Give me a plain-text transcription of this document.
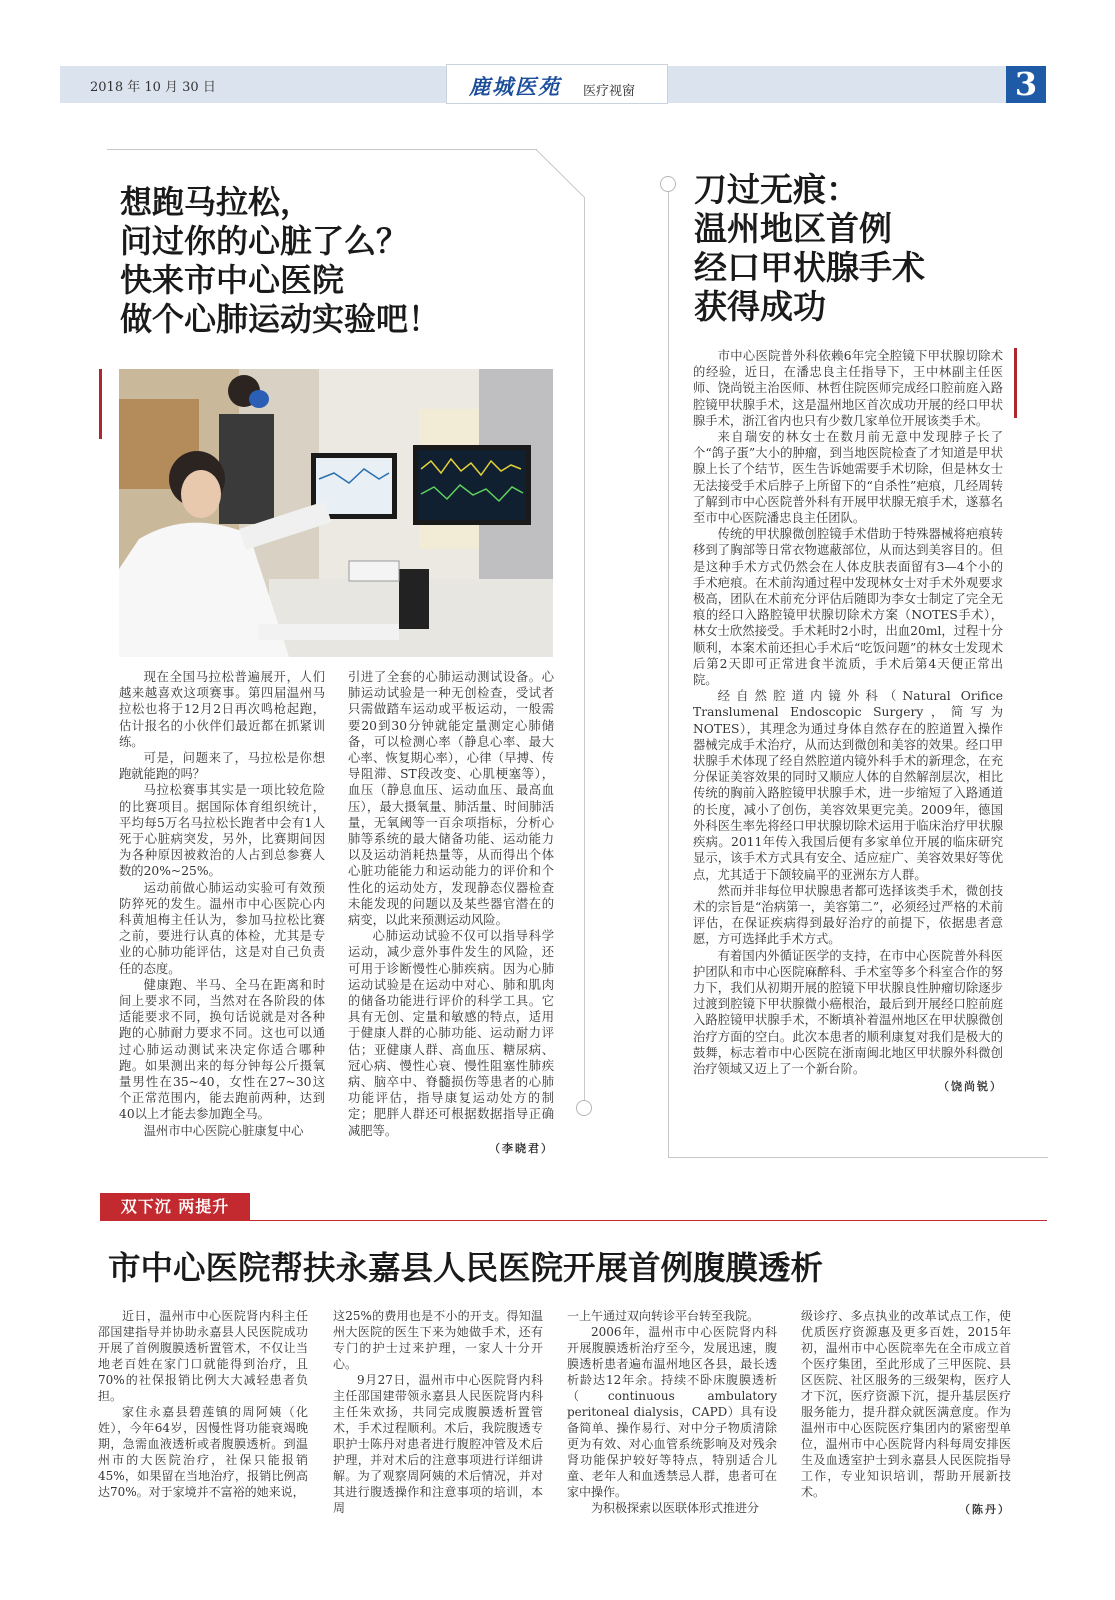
2018 年 10 月 30 日	鹿城医苑 医疗视窗	3
想跑马拉松，
问过你的心脏了么？
快来市中心医院
做个心肺运动实验吧！

现在全国马拉松普遍展开，人们越来越喜欢这项赛事。第四届温州马拉松也将于12月2日再次鸣枪起跑，估计报名的小伙伴们最近都在抓紧训练。

可是，问题来了，马拉松是你想跑就能跑的吗？

马拉松赛事其实是一项比较危险的比赛项目。据国际体育组织统计，平均每5万名马拉松长跑者中会有1人死于心脏病突发，另外，比赛期间因为各种原因被救治的人占到总参赛人数的20%~25%。

运动前做心肺运动实验可有效预防猝死的发生。温州市中心医院心内科黄旭梅主任认为，参加马拉松比赛之前，要进行认真的体检，尤其是专业的心肺功能评估，这是对自己负责任的态度。

健康跑、半马、全马在距离和时间上要求不同，当然对在各阶段的体适能要求不同，换句话说就是对各种跑的心肺耐力要求不同。这也可以通过心肺运动测试来决定你适合哪种跑。如果测出来的每分钟每公斤摄氧量男性在35~40，女性在27~30这个正常范围内，能去跑前两种，达到40以上才能去参加跑全马。

温州市中心医院心脏康复中心

引进了全套的心肺运动测试设备。心肺运动试验是一种无创检查，受试者只需做踏车运动或平板运动，一般需要20到30分钟就能定量测定心肺储备，可以检测心率（静息心率、最大心率、恢复期心率），心律（早搏、传导阻滞、ST段改变、心肌梗塞等），血压（静息血压、运动血压、最高血压），最大摄氧量、肺活量、时间肺活量，无氧阈等一百余项指标，分析心肺等系统的最大储备功能、运动能力以及运动消耗热量等，从而得出个体心脏功能能力和运动能力的评价和个性化的运动处方，发现静态仪器检查未能发现的问题以及某些器官潜在的病变，以此来预测运动风险。

心肺运动试验不仅可以指导科学运动，减少意外事件发生的风险，还可用于诊断慢性心肺疾病。因为心肺运动试验是在运动中对心、肺和肌肉的储备功能进行评价的科学工具。它具有无创、定量和敏感的特点，适用于健康人群的心肺功能、运动耐力评估；亚健康人群、高血压、糖尿病、冠心病、慢性心衰、慢性阻塞性肺疾病、脑卒中、脊髓损伤等患者的心肺功能评估，指导康复运动处方的制定；肥胖人群还可根据数据指导正确减肥等。

（李晓君）
刀过无痕：
温州地区首例
经口甲状腺手术
获得成功

市中心医院普外科依赖6年完全腔镜下甲状腺切除术的经验，近日，在潘忠良主任指导下，王中林副主任医师、饶尚锐主治医师、林哲住院医师完成经口腔前庭入路腔镜甲状腺手术，这是温州地区首次成功开展的经口甲状腺手术，浙江省内也只有少数几家单位开展该类手术。

来自瑞安的林女士在数月前无意中发现脖子长了个“鸽子蛋”大小的肿瘤，到当地医院检查了才知道是甲状腺上长了个结节，医生告诉她需要手术切除，但是林女士无法接受手术后脖子上所留下的“自杀性”疤痕，几经周转了解到市中心医院普外科有开展甲状腺无痕手术，遂慕名至市中心医院潘忠良主任团队。

传统的甲状腺微创腔镜手术借助于特殊器械将疤痕转移到了胸部等日常衣物遮蔽部位，从而达到美容目的。但是这种手术方式仍然会在人体皮肤表面留有3—4个小的手术疤痕。在术前沟通过程中发现林女士对手术外观要求极高，团队在术前充分评估后随即为李女士制定了完全无痕的经口入路腔镜甲状腺切除术方案（NOTES手术），林女士欣然接受。手术耗时2小时，出血20ml，过程十分顺利，本案术前还担心手术后“吃饭问题”的林女士发现术后第2天即可正常进食半流质，手术后第4天便正常出院。

经自然腔道内镜外科（Natural Orifice Translumenal Endoscopic Surgery，简写为NOTES），其理念为通过身体自然存在的腔道置入操作器械完成手术治疗，从而达到微创和美容的效果。经口甲状腺手术体现了经自然腔道内镜外科手术的新理念，在充分保证美容效果的同时又顺应人体的自然解剖层次，相比传统的胸前入路腔镜甲状腺手术，进一步缩短了入路通道的长度，减小了创伤，美容效果更完美。2009年，德国外科医生率先将经口甲状腺切除术运用于临床治疗甲状腺疾病。2011年传入我国后便有多家单位开展的临床研究显示，该手术方式具有安全、适应症广、美容效果好等优点，尤其适于下颌较扁平的亚洲东方人群。

然而并非每位甲状腺患者都可选择该类手术，微创技术的宗旨是“治病第一，美容第二”，必须经过严格的术前评估，在保证疾病得到最好治疗的前提下，依据患者意愿，方可选择此手术方式。

有着国内外循证医学的支持，在市中心医院普外科医护团队和市中心医院麻醉科、手术室等多个科室合作的努力下，我们从初期开展的腔镜下甲状腺良性肿瘤切除逐步过渡到腔镜下甲状腺微小癌根治，最后到开展经口腔前庭入路腔镜甲状腺手术，不断填补着温州地区在甲状腺微创治疗方面的空白。此次本患者的顺利康复对我们是极大的鼓舞，标志着市中心医院在浙南闽北地区甲状腺外科微创治疗领域又迈上了一个新台阶。

（饶尚锐）
双下沉 两提升
市中心医院帮扶永嘉县人民医院开展首例腹膜透析

近日，温州市中心医院肾内科主任邵国建指导并协助永嘉县人民医院成功开展了首例腹膜透析置管术，不仅让当地老百姓在家门口就能得到治疗，且70%的社保报销比例大大减轻患者负担。

家住永嘉县碧莲镇的周阿姨（化姓），今年64岁，因慢性肾功能衰竭晚期，急需血液透析或者腹膜透析。到温州市的大医院治疗，社保只能报销45%，如果留在当地治疗，报销比例高达70%。对于家境并不富裕的她来说，

这25%的费用也是不小的开支。得知温州大医院的医生下来为她做手术，还有专门的护士过来护理，一家人十分开心。

9月27日，温州市中心医院肾内科主任邵国建带领永嘉县人民医院肾内科主任朱欢扬，共同完成腹膜透析置管术，手术过程顺利。术后，我院腹透专职护士陈丹对患者进行腹腔冲管及术后护理，并对术后的注意事项进行详细讲解。为了观察周阿姨的术后情况，并对其进行腹透操作和注意事项的培训，本周

一上午通过双向转诊平台转至我院。

2006年，温州市中心医院肾内科开展腹膜透析治疗至今，发展迅速，腹膜透析患者遍布温州地区各县，最长透析龄达12年余。持续不卧床腹膜透析（continuous ambulatory peritoneal dialysis，CAPD）具有设备简单、操作易行、对中分子物质清除更为有效、对心血管系统影响及对残余肾功能保护较好等特点，特别适合儿童、老年人和血透禁忌人群，患者可在家中操作。

为积极探索以医联体形式推进分

级诊疗、多点执业的改革试点工作，使优质医疗资源惠及更多百姓，2015年初，温州市中心医院率先在全市成立首个医疗集团，至此形成了三甲医院、县区医院、社区服务的三级架构，医疗人才下沉，医疗资源下沉，提升基层医疗服务能力，提升群众就医满意度。作为温州市中心医院医疗集团内的紧密型单位，温州市中心医院肾内科每周安排医生及血透室护士到永嘉县人民医院指导工作，专业知识培训，帮助开展新技术。

（陈丹）
